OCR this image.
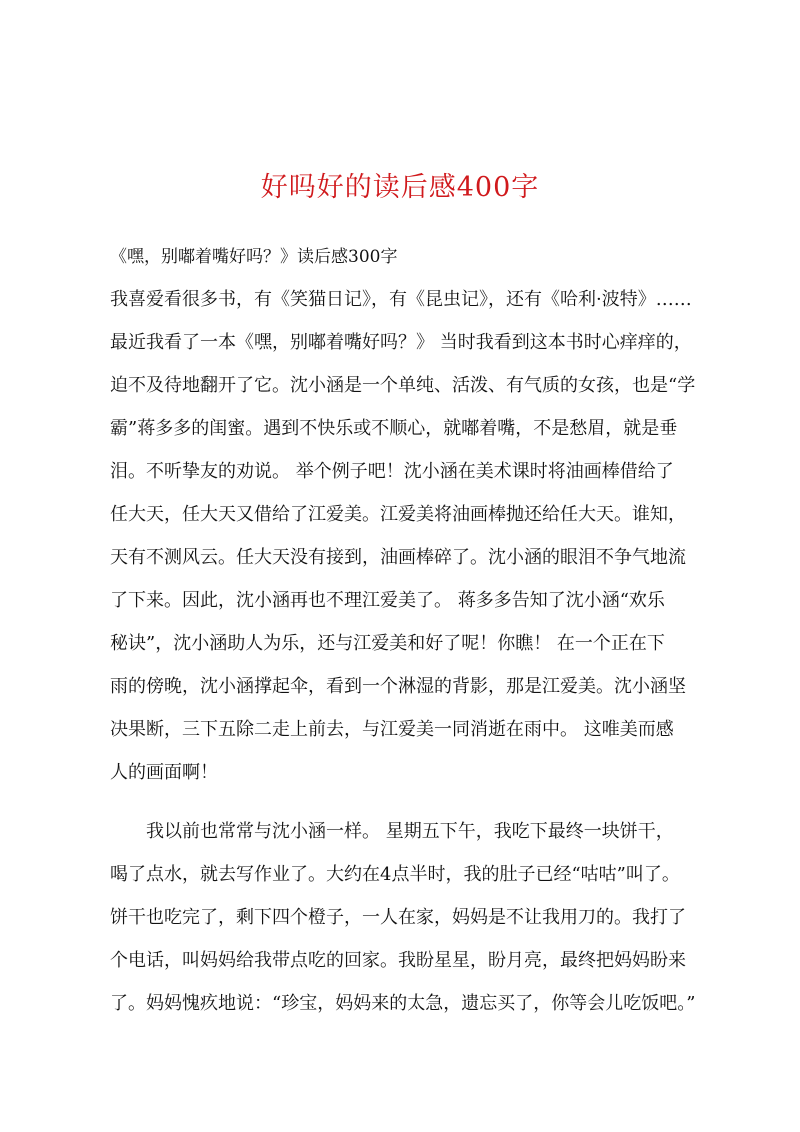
好吗好的读后感400字
《嘿，别嘟着嘴好吗？》读后感300字
我喜爱看很多书，有《笑猫日记》，有《昆虫记》，还有《哈利·波特》……
最近我看了一本《嘿，别嘟着嘴好吗？》 当时我看到这本书时心痒痒的，
迫不及待地翻开了它。沈小涵是一个单纯、活泼、有气质的女孩，也是“学
霸”蒋多多的闺蜜。遇到不快乐或不顺心，就嘟着嘴，不是愁眉，就是垂
泪。不听挚友的劝说。 举个例子吧！沈小涵在美术课时将油画棒借给了
任大天，任大天又借给了江爱美。江爱美将油画棒抛还给任大天。谁知，
天有不测风云。任大天没有接到，油画棒碎了。沈小涵的眼泪不争气地流
了下来。因此，沈小涵再也不理江爱美了。 蒋多多告知了沈小涵“欢乐
秘诀”，沈小涵助人为乐，还与江爱美和好了呢！你瞧！ 在一个正在下
雨的傍晚，沈小涵撑起伞，看到一个淋湿的背影，那是江爱美。沈小涵坚
决果断，三下五除二走上前去，与江爱美一同消逝在雨中。 这唯美而感
人的画面啊！
　　我以前也常常与沈小涵一样。 星期五下午，我吃下最终一块饼干，
喝了点水，就去写作业了。大约在4点半时，我的肚子已经“咕咕”叫了。
饼干也吃完了，剩下四个橙子，一人在家，妈妈是不让我用刀的。我打了
个电话，叫妈妈给我带点吃的回家。我盼星星，盼月亮，最终把妈妈盼来
了。妈妈愧疚地说：“珍宝，妈妈来的太急，遗忘买了，你等会儿吃饭吧。”
